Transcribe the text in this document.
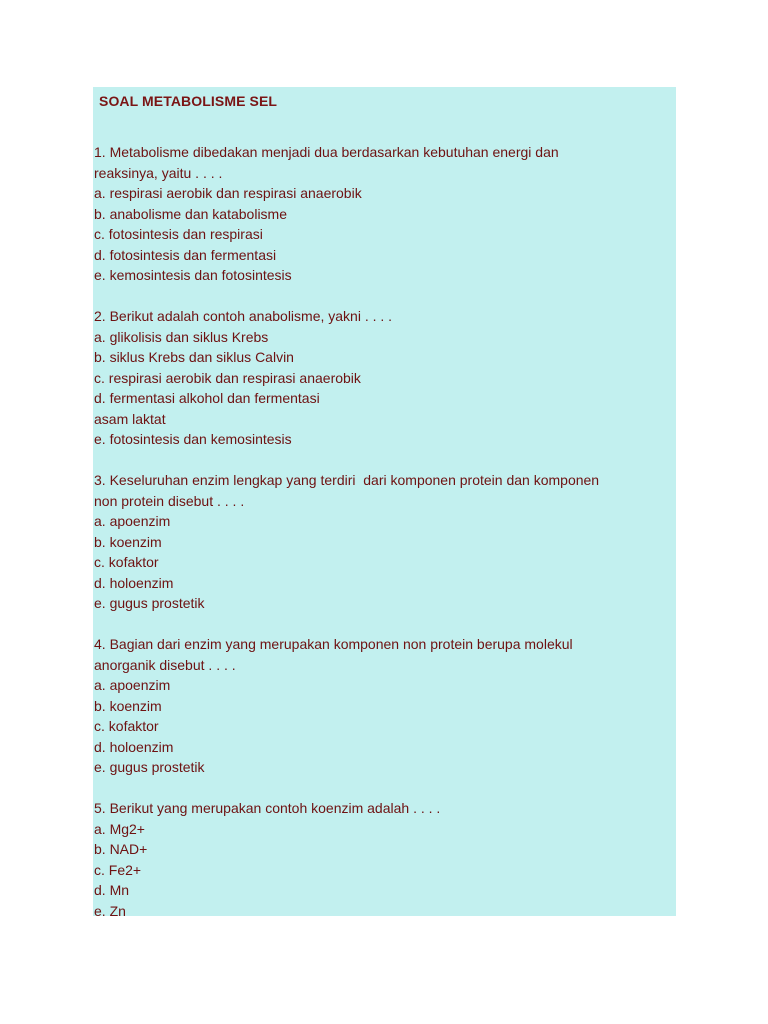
SOAL METABOLISME SEL
1. Metabolisme dibedakan menjadi dua berdasarkan kebutuhan energi dan
reaksinya, yaitu . . . .
a. respirasi aerobik dan respirasi anaerobik
b. anabolisme dan katabolisme
c. fotosintesis dan respirasi
d. fotosintesis dan fermentasi
e. kemosintesis dan fotosintesis
2. Berikut adalah contoh anabolisme, yakni . . . .
a. glikolisis dan siklus Krebs
b. siklus Krebs dan siklus Calvin
c. respirasi aerobik dan respirasi anaerobik
d. fermentasi alkohol dan fermentasi
asam laktat
e. fotosintesis dan kemosintesis
3. Keseluruhan enzim lengkap yang terdiri  dari komponen protein dan komponen
non protein disebut . . . .
a. apoenzim
b. koenzim
c. kofaktor
d. holoenzim
e. gugus prostetik
4. Bagian dari enzim yang merupakan komponen non protein berupa molekul
anorganik disebut . . . .
a. apoenzim
b. koenzim
c. kofaktor
d. holoenzim
e. gugus prostetik
5. Berikut yang merupakan contoh koenzim adalah . . . .
a. Mg2+
b. NAD+
c. Fe2+
d. Mn
e. Zn
